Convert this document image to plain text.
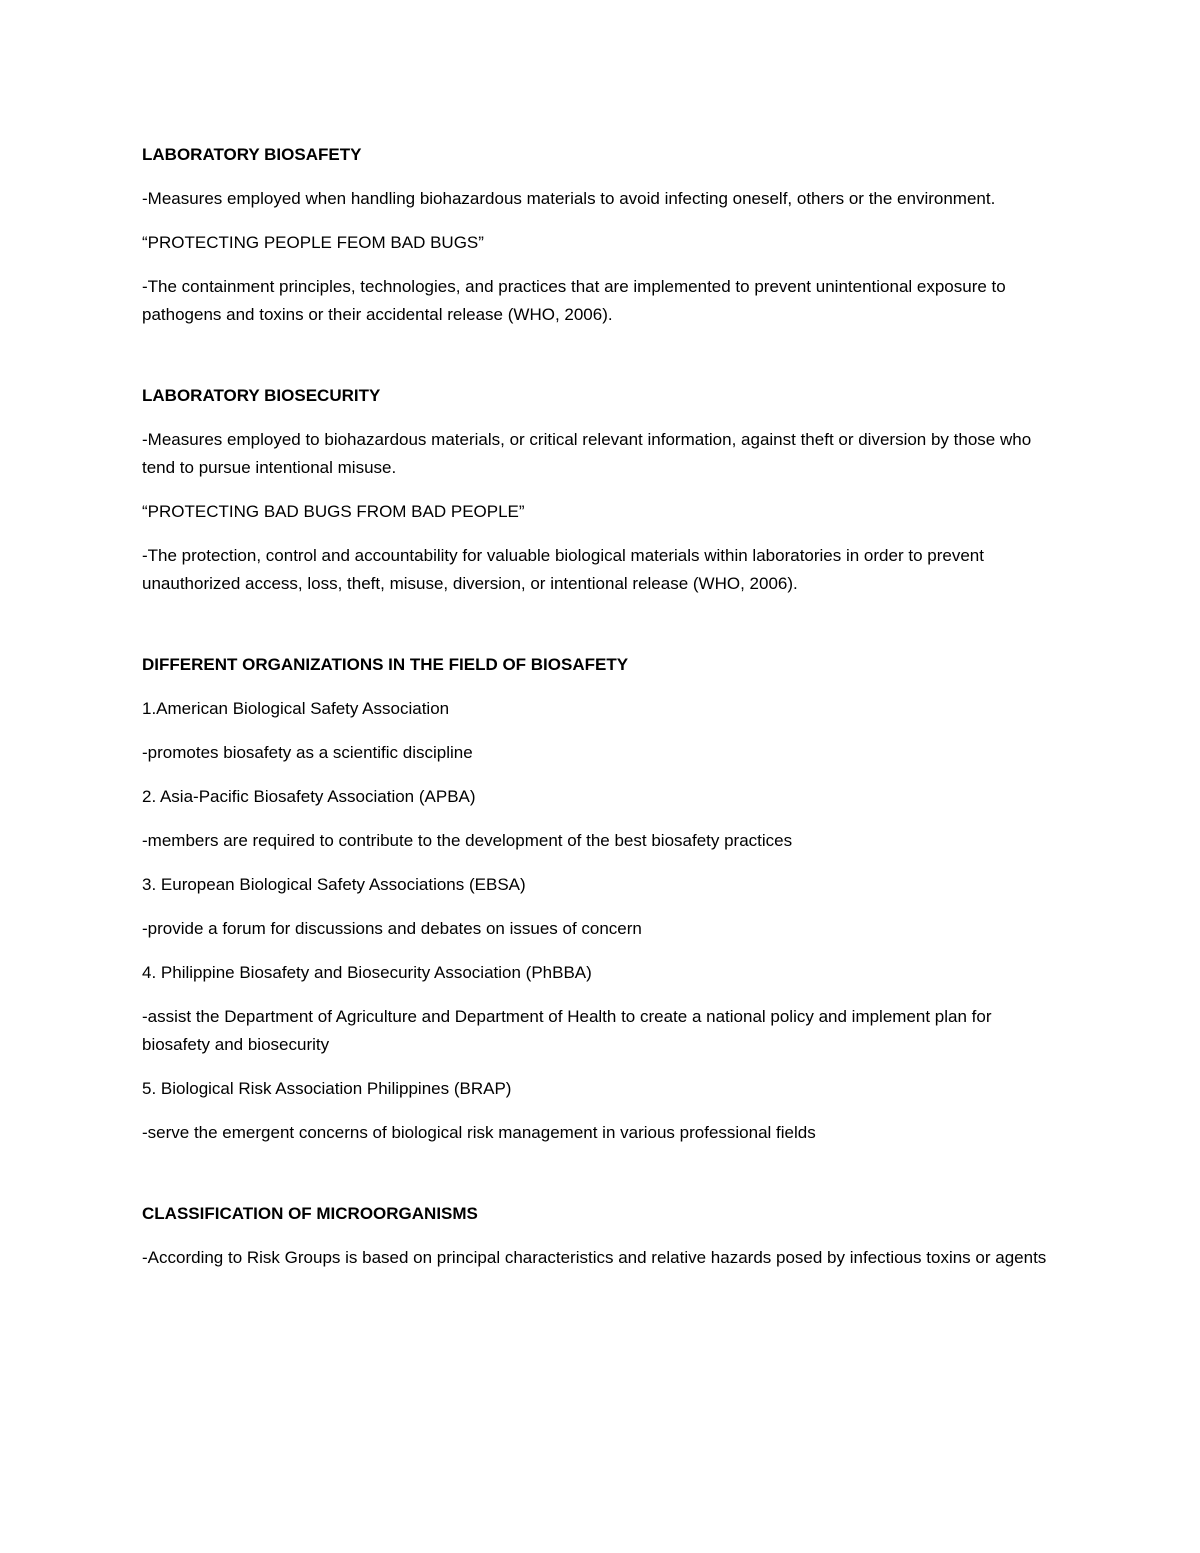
LABORATORY BIOSAFETY

-Measures employed when handling biohazardous materials to avoid infecting oneself, others or the environment.

“PROTECTING PEOPLE FEOM BAD BUGS”

-The containment principles, technologies, and practices that are implemented to prevent unintentional exposure to pathogens and toxins or their accidental release (WHO, 2006).

LABORATORY BIOSECURITY

-Measures employed to biohazardous materials, or critical relevant information, against theft or diversion by those who tend to pursue intentional misuse.

“PROTECTING BAD BUGS FROM BAD PEOPLE”

-The protection, control and accountability for valuable biological materials within laboratories in order to prevent unauthorized access, loss, theft, misuse, diversion, or intentional release (WHO, 2006).

DIFFERENT ORGANIZATIONS IN THE FIELD OF BIOSAFETY

1.American Biological Safety Association

-promotes biosafety as a scientific discipline

2. Asia-Pacific Biosafety Association (APBA)

-members are required to contribute to the development of the best biosafety practices

3. European Biological Safety Associations (EBSA)

-provide a forum for discussions and debates on issues of concern

4. Philippine Biosafety and Biosecurity Association (PhBBA)

-assist the Department of Agriculture and Department of Health to create a national policy and implement plan for biosafety and biosecurity

5. Biological Risk Association Philippines (BRAP)

-serve the emergent concerns of biological risk management in various professional fields

CLASSIFICATION OF MICROORGANISMS

-According to Risk Groups is based on principal characteristics and relative hazards posed by infectious toxins or agents
